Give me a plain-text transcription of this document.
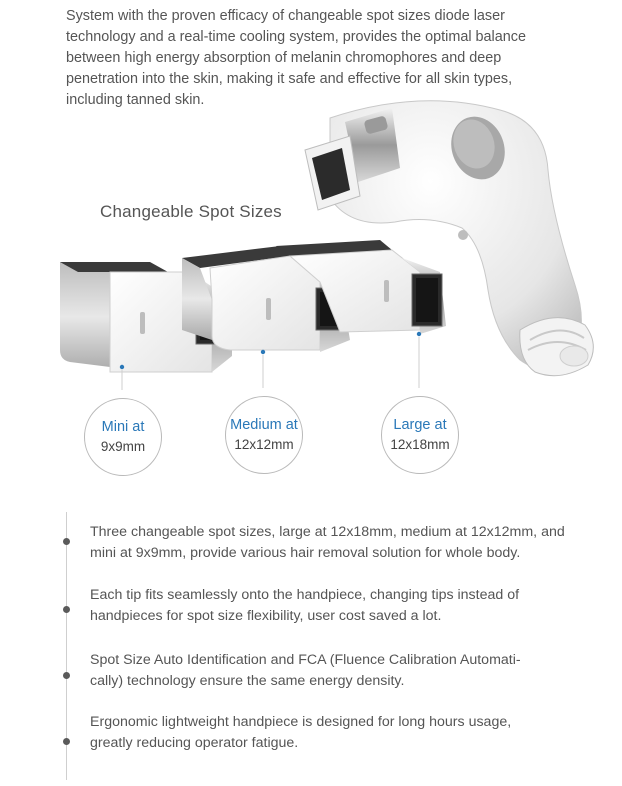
System with the proven efficacy of changeable spot sizes diode laser

technology and a real-time cooling system, provides the optimal balance

between high energy absorption of melanin chromophores and deep

penetration into the skin, making it safe and effective for all skin types,

including tanned skin.

Changeable Spot Sizes
Mini at
9x9mm
Medium at
12x12mm
Large at
12x18mm
Three changeable spot sizes, large at 12x18mm, medium at 12x12mm, and
mini at 9x9mm, provide various hair removal solution for whole body.
Each tip fits seamlessly onto the handpiece, changing tips instead of
handpieces for spot size flexibility, user cost saved a lot.
Spot Size Auto Identification and FCA (Fluence Calibration Automati-
cally) technology ensure the same energy density.
Ergonomic lightweight handpiece is designed for long hours usage,
greatly reducing operator fatigue.
